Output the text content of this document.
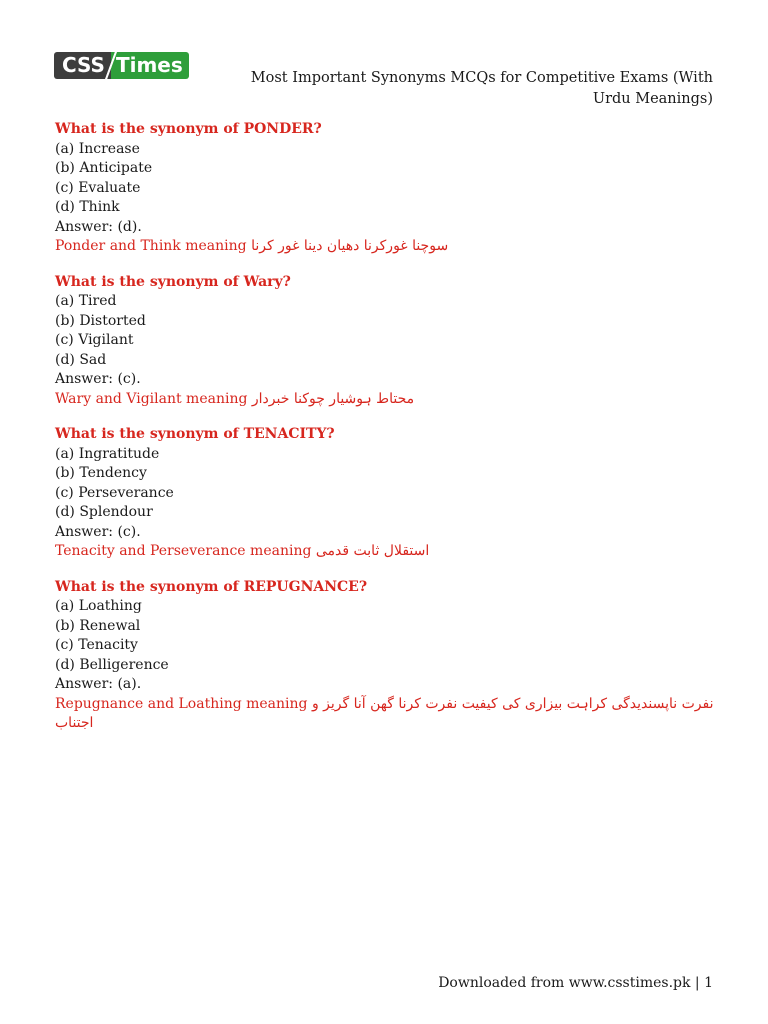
CSS Times
Most Important Synonyms MCQs for Competitive Exams (With Urdu Meanings)
What is the synonym of PONDER?
(a) Increase
(b) Anticipate
(c) Evaluate
(d) Think
Answer: (d).
Ponder and Think meaning سوچنا غورکرنا دھیان دینا غور کرنا
What is the synonym of Wary?
(a) Tired
(b) Distorted
(c) Vigilant
(d) Sad
Answer: (c).
Wary and Vigilant meaning محتاط ہوشیار چوکنا خبردار
What is the synonym of TENACITY?
(a) Ingratitude
(b) Tendency
(c) Perseverance
(d) Splendour
Answer: (c).
Tenacity and Perseverance meaning استقلال ثابت قدمی
What is the synonym of REPUGNANCE?
(a) Loathing
(b) Renewal
(c) Tenacity
(d) Belligerence
Answer: (a).
Repugnance and Loathing meaning نفرت ناپسندیدگی کراہت بیزاری کی کیفیت نفرت کرنا گھن آنا گریز و اجتناب
Downloaded from www.csstimes.pk | 1
